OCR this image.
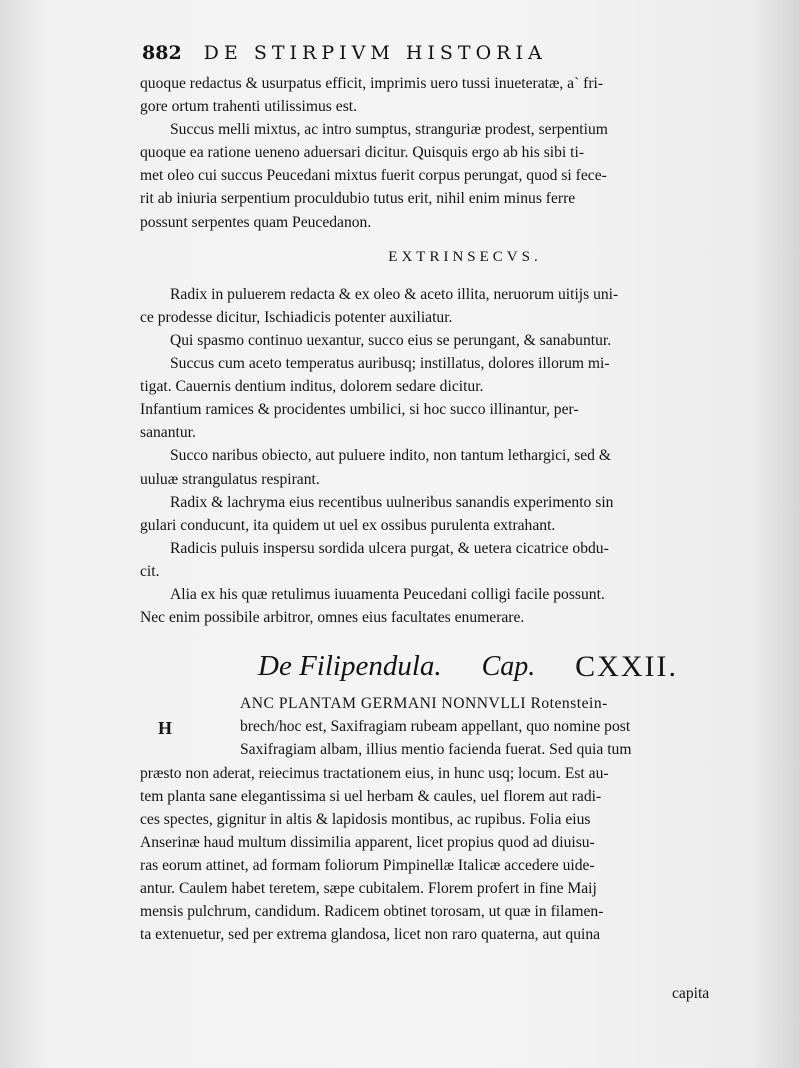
882 DE STIRPIVM HISTORIA

quoque redactus & usurpatus efficit, imprimis uero tussi inueteratæ, a` fri-
gore ortum trahenti utilissimus est.

Succus melli mixtus, ac intro sumptus, stranguriæ prodest, serpentium
quoque ea ratione ueneno aduersari dicitur. Quisquis ergo ab his sibi ti-
met oleo cui succus Peucedani mixtus fuerit corpus perungat, quod si fece-
rit ab iniuria serpentium proculdubio tutus erit, nihil enim minus ferre
possunt serpentes quam Peucedanon.

EXTRINSECVS.

Radix in puluerem redacta & ex oleo & aceto illita, neruorum uitijs uni-
ce prodesse dicitur, Ischiadicis potenter auxiliatur.

Qui spasmo continuo uexantur, succo eius se perungant, & sanabuntur.

Succus cum aceto temperatus auribusq; instillatus, dolores illorum mi-
tigat. Cauernis dentium inditus, dolorem sedare dicitur.

Infantium ramices & procidentes umbilici, si hoc succo illinantur, per-
sanantur.

Succo naribus obiecto, aut puluere indito, non tantum lethargici, sed &
uuluæ strangulatus respirant.

Radix & lachryma eius recentibus uulneribus sanandis experimento sin
gulari conducunt, ita quidem ut uel ex ossibus purulenta extrahant.

Radicis puluis inspersu sordida ulcera purgat, & uetera cicatrice obdu-
cit.

Alia ex his quæ retulimus iuuamenta Peucedani colligi facile possunt.
Nec enim possibile arbitror, omnes eius facultates enumerare.

De Filipendula. Cap. CXXII.
H
ANC PLANTAM GERMANI NONNVLLI Rotenstein-
brech/hoc est, Saxifragiam rubeam appellant, quo nomine post
Saxifragiam albam, illius mentio facienda fuerat. Sed quia tum
præsto non aderat, reiecimus tractationem eius, in hunc usq; locum. Est au-
tem planta sane elegantissima si uel herbam & caules, uel florem aut radi-
ces spectes, gignitur in altis & lapidosis montibus, ac rupibus. Folia eius
Anserinæ haud multum dissimilia apparent, licet propius quod ad diuisu-
ras eorum attinet, ad formam foliorum Pimpinellæ Italicæ accedere uide-
antur. Caulem habet teretem, sæpe cubitalem. Florem profert in fine Maij
mensis pulchrum, candidum. Radicem obtinet torosam, ut quæ in filamen-
ta extenuetur, sed per extrema glandosa, licet non raro quaterna, aut quina
capita
